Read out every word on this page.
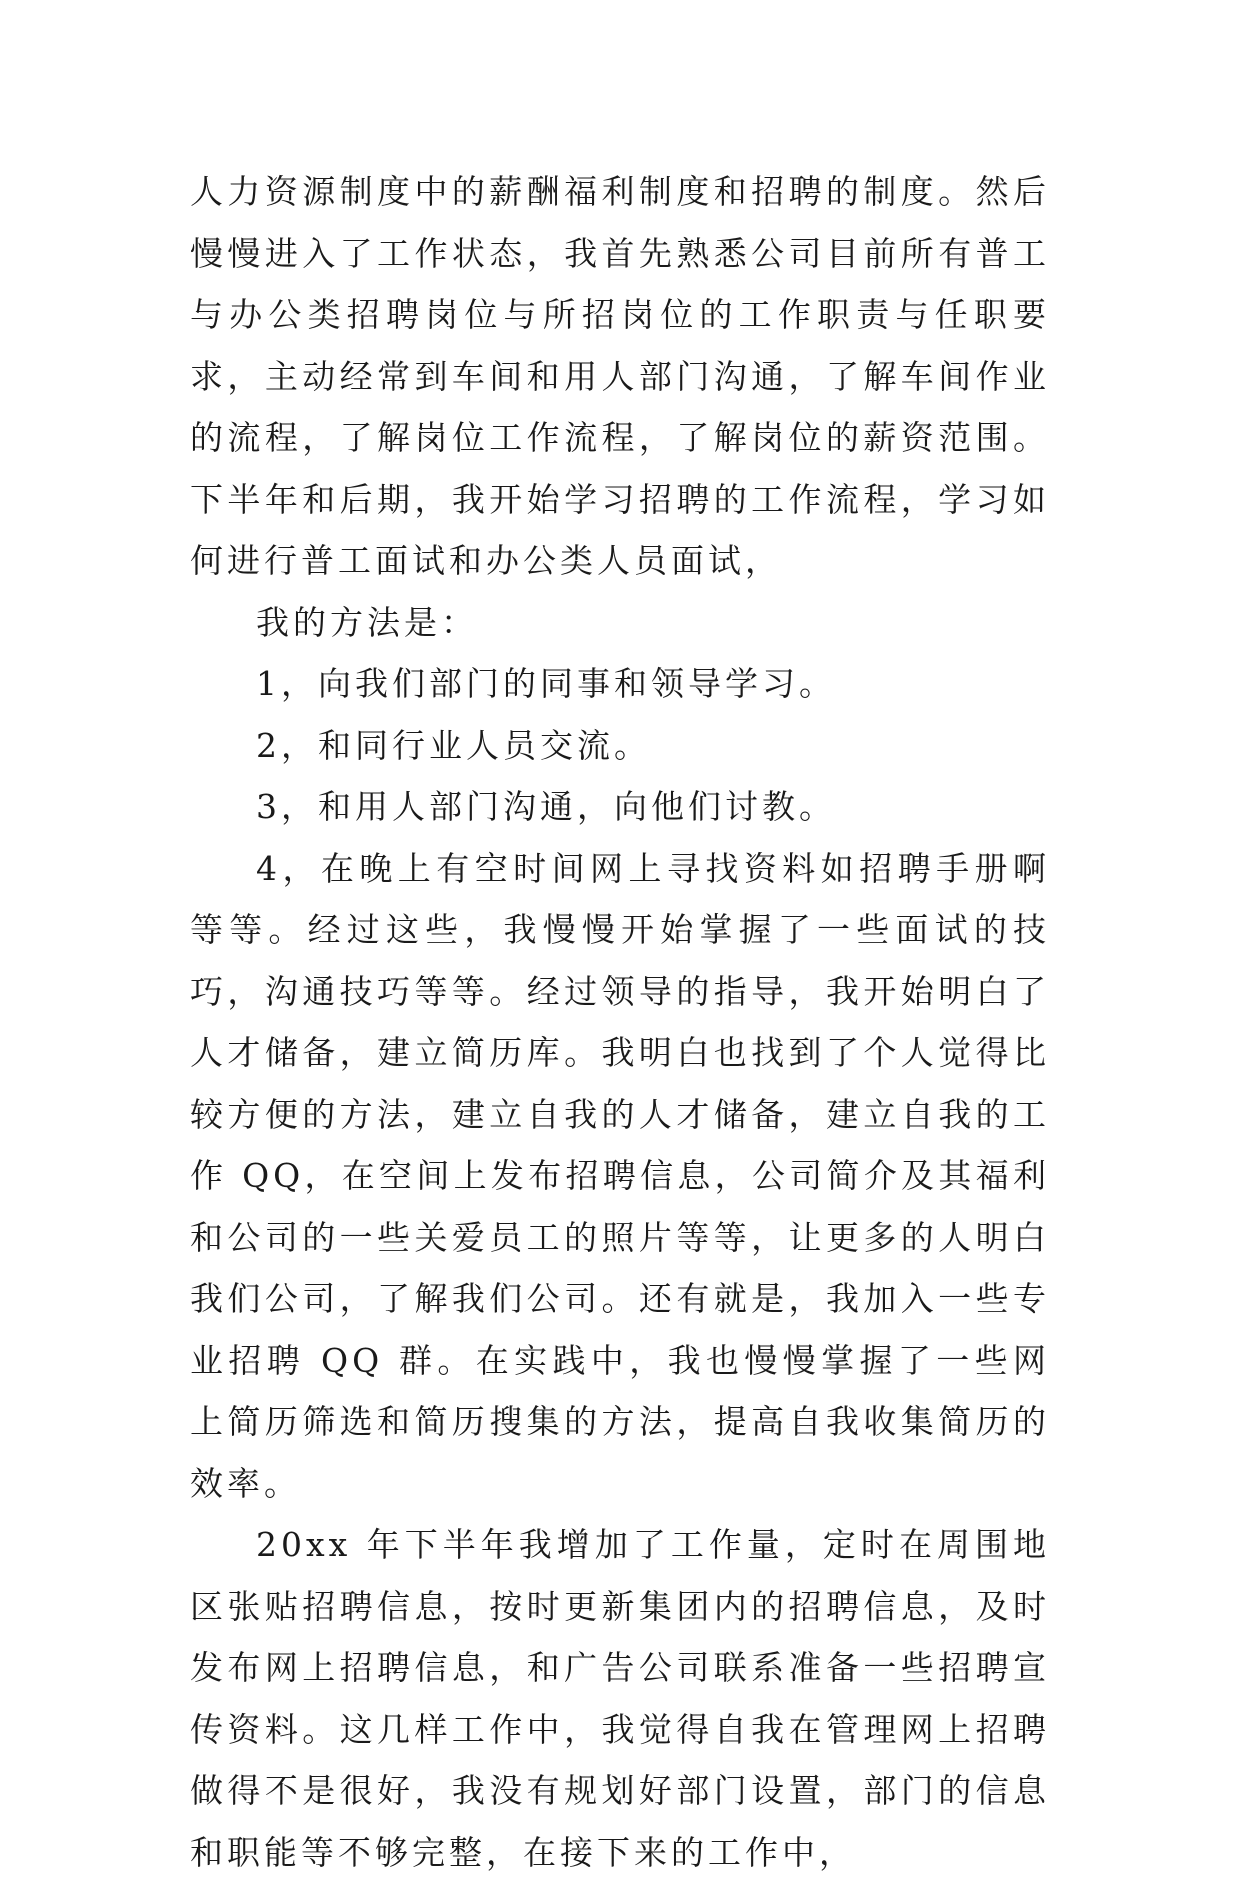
人力资源制度中的薪酬福利制度和招聘的制度。然后慢慢进入了工作状态，我首先熟悉公司目前所有普工与办公类招聘岗位与所招岗位的工作职责与任职要求，主动经常到车间和用人部门沟通，了解车间作业的流程，了解岗位工作流程，了解岗位的薪资范围。下半年和后期，我开始学习招聘的工作流程，学习如何进行普工面试和办公类人员面试，

我的方法是：

1，向我们部门的同事和领导学习。

2，和同行业人员交流。

3，和用人部门沟通，向他们讨教。

4，在晚上有空时间网上寻找资料如招聘手册啊等等。经过这些，我慢慢开始掌握了一些面试的技巧，沟通技巧等等。经过领导的指导，我开始明白了人才储备，建立简历库。我明白也找到了个人觉得比较方便的方法，建立自我的人才储备，建立自我的工作 QQ，在空间上发布招聘信息，公司简介及其福利和公司的一些关爱员工的照片等等，让更多的人明白我们公司，了解我们公司。还有就是，我加入一些专业招聘 QQ 群。在实践中，我也慢慢掌握了一些网上简历筛选和简历搜集的方法，提高自我收集简历的效率。

20xx 年下半年我增加了工作量，定时在周围地区张贴招聘信息，按时更新集团内的招聘信息，及时发布网上招聘信息，和广告公司联系准备一些招聘宣传资料。这几样工作中，我觉得自我在管理网上招聘做得不是很好，我没有规划好部门设置，部门的信息和职能等不够完整，在接下来的工作中，
